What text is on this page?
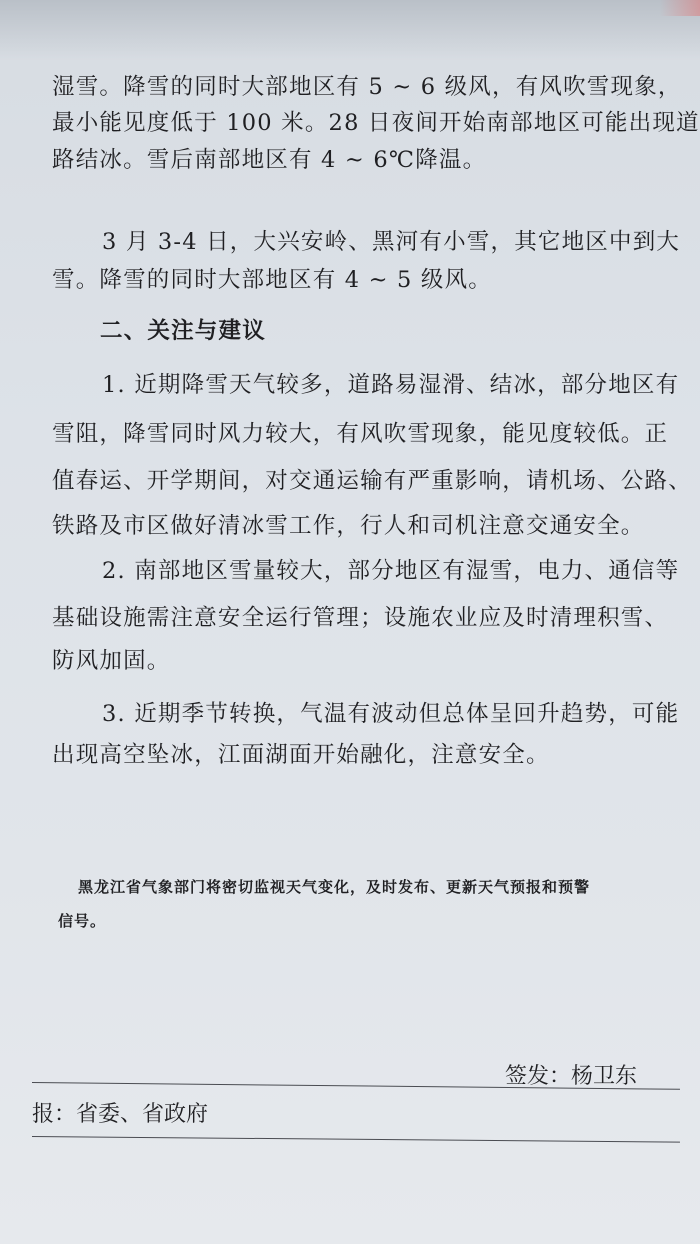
湿雪。降雪的同时大部地区有 5 ~ 6 级风，有风吹雪现象，
最小能见度低于 100 米。28 日夜间开始南部地区可能出现道
路结冰。雪后南部地区有 4 ~ 6℃降温。
3 月 3-4 日，大兴安岭、黑河有小雪，其它地区中到大
雪。降雪的同时大部地区有 4 ~ 5 级风。
二、关注与建议
1. 近期降雪天气较多，道路易湿滑、结冰，部分地区有
雪阻，降雪同时风力较大，有风吹雪现象，能见度较低。正
值春运、开学期间，对交通运输有严重影响，请机场、公路、
铁路及市区做好清冰雪工作，行人和司机注意交通安全。
2. 南部地区雪量较大，部分地区有湿雪，电力、通信等
基础设施需注意安全运行管理；设施农业应及时清理积雪、
防风加固。
3. 近期季节转换，气温有波动但总体呈回升趋势，可能
出现高空坠冰，江面湖面开始融化，注意安全。
黑龙江省气象部门将密切监视天气变化，及时发布、更新天气预报和预警
信号。
签发：杨卫东
报：省委、省政府
